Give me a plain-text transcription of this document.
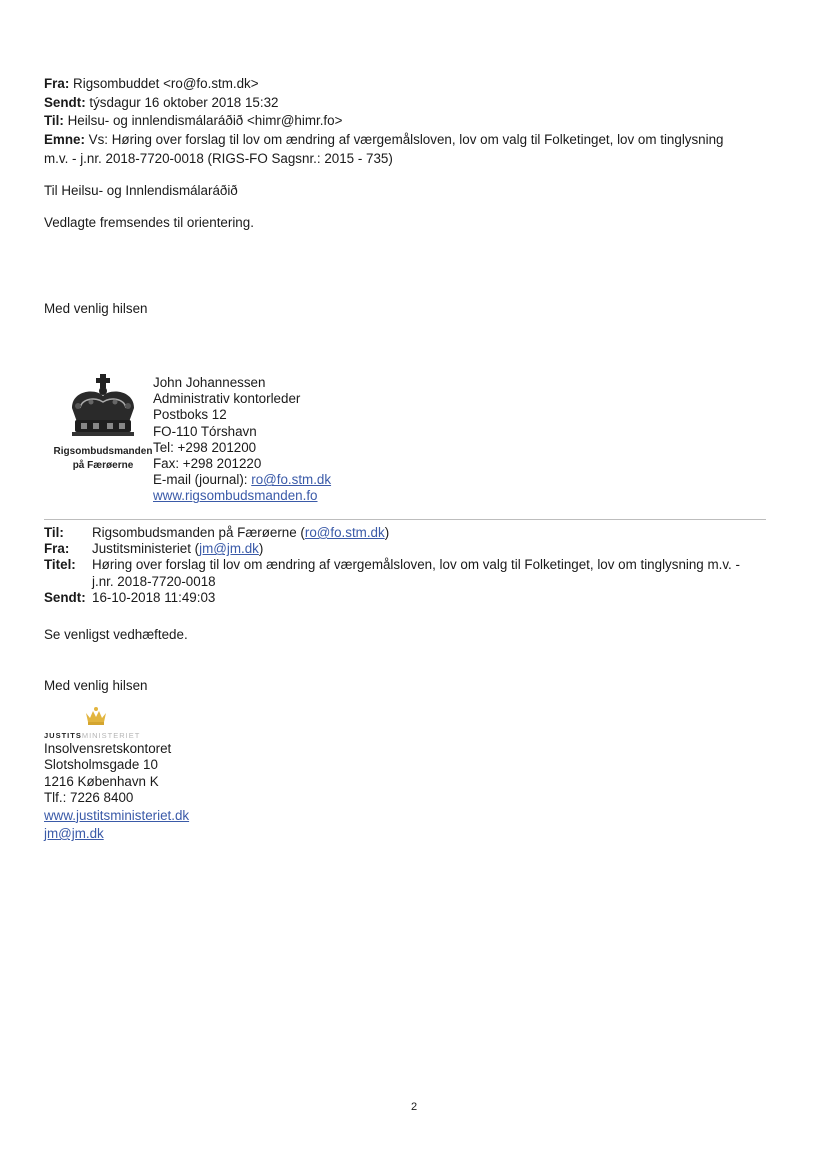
Fra: Rigsombuddet <ro@fo.stm.dk>
Sendt: týsdagur 16 oktober 2018 15:32
Til: Heilsu- og innlendismálaráðið <himr@himr.fo>
Emne: Vs: Høring over forslag til lov om ændring af værgemålsloven, lov om valg til Folketinget, lov om tinglysning
m.v. - j.nr. 2018-7720-0018 (RIGS-FO Sagsnr.: 2015 - 735)
Til Heilsu- og Innlendismálaráðið
Vedlagte fremsendes til orientering.
Med venlig hilsen
Rigsombudsmanden
på Færøerne
John Johannessen
Administrativ kontorleder
Postboks 12
FO-110 Tórshavn
Tel: +298 201200
Fax: +298 201220
E-mail (journal): ro@fo.stm.dk
www.rigsombudsmanden.fo
Til:	Rigsombudsmanden på Færøerne (ro@fo.stm.dk)
Fra:	Justitsministeriet (jm@jm.dk)
Titel:	Høring over forslag til lov om ændring af værgemålsloven, lov om valg til Folketinget, lov om tinglysning m.v. -
j.nr. 2018-7720-0018

Sendt:	16-10-2018 11:49:03
Se venligst vedhæftede.
Med venlig hilsen
JUSTITSMINISTERIET
Insolvensretskontoret
Slotsholmsgade 10
1216 København K
Tlf.: 7226 8400
www.justitsministeriet.dk
jm@jm.dk
2
